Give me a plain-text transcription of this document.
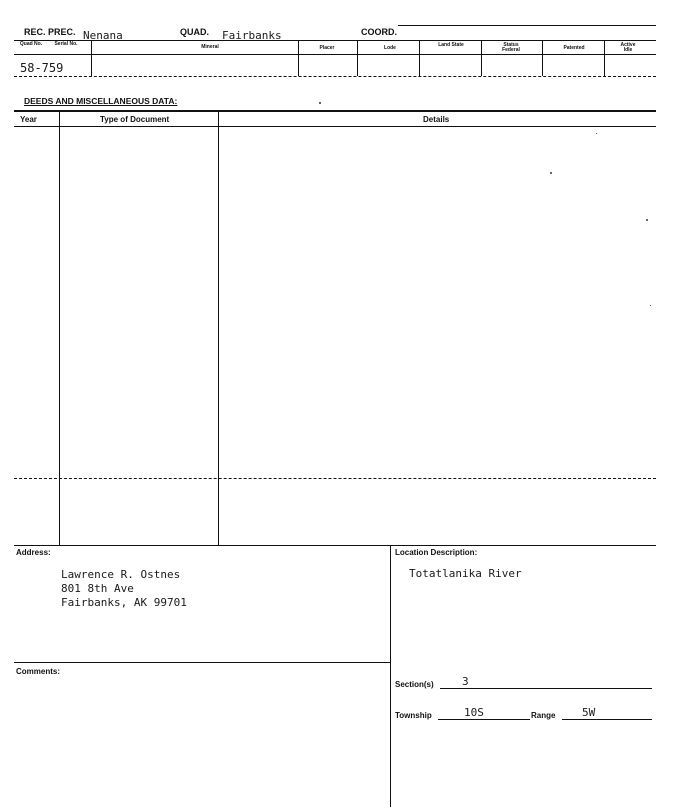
REC. PREC. Nenana	QUAD. Fairbanks	COORD.
Quad No.	Serial No.	Mineral	Placer	Lode	Land State	Status Federal	Patented	Active Idle
58-759
DEEDS AND MISCELLANEOUS DATA:
Year	Type of Document	Details
Address:
Lawrence R. Ostnes
801 8th Ave
Fairbanks, AK 99701
Location Description:
Totatlanika River
Comments:
Section(s)	3
Township	10S	Range 5W
